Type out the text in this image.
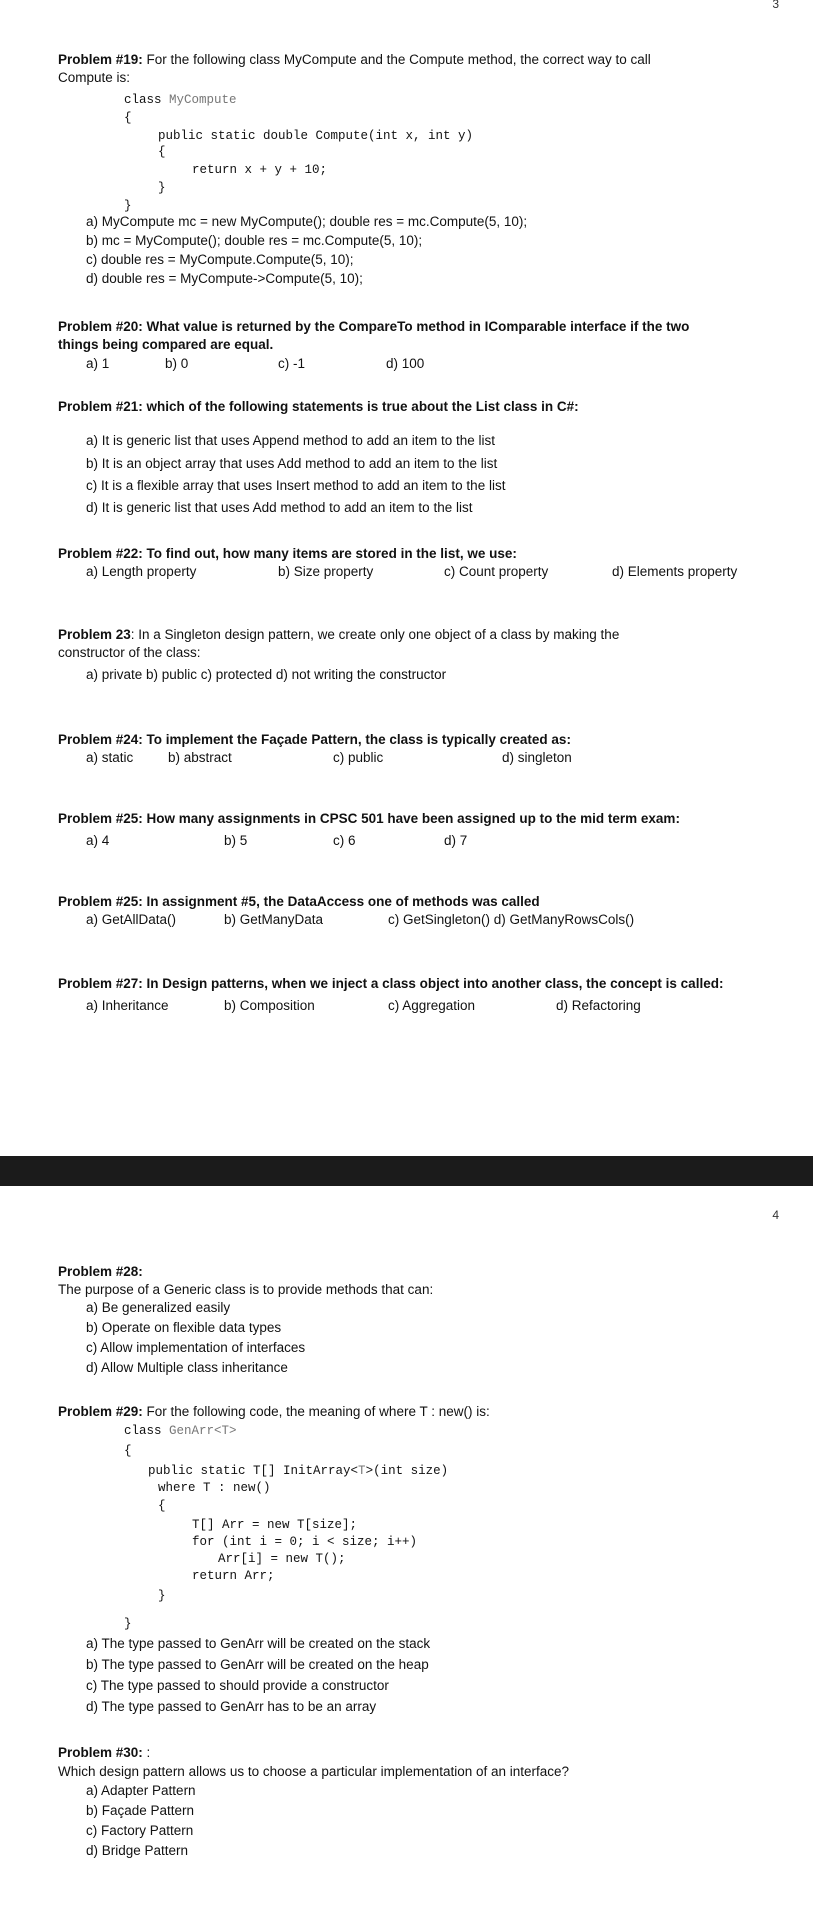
3
Problem #19: For the following class MyCompute and the Compute method, the correct way to call
Compute is:
class MyCompute
{
public static double Compute(int x, int y)
{
return x + y + 10;
}
}
a) MyCompute mc = new MyCompute(); double res = mc.Compute(5, 10);
b) mc = MyCompute(); double res = mc.Compute(5, 10);
c) double res = MyCompute.Compute(5, 10);
d) double res = MyCompute->Compute(5, 10);
Problem #20: What value is returned by the CompareTo method in IComparable interface if the two
things being compared are equal.
a) 1	b) 0	c) -1	d) 100
Problem #21: which of the following statements is true about the List class in C#:
a) It is generic list that uses Append method to add an item to the list
b) It is an object array that uses Add method to add an item to the list
c) It is a flexible array that uses Insert method to add an item to the list
d) It is generic list that uses Add method to add an item to the list
Problem #22: To find out, how many items are stored in the list, we use:
a) Length property	b) Size property	c) Count property	d) Elements property
Problem 23: In a Singleton design pattern, we create only one object of a class by making the
constructor of the class:
a) private b) public c) protected d) not writing the constructor
Problem #24: To implement the Façade Pattern, the class is typically created as:
a) static	b) abstract	c) public	d) singleton
Problem #25: How many assignments in CPSC 501 have been assigned up to the mid term exam:
a) 4	b) 5	c) 6	d) 7
Problem #25: In assignment #5, the DataAccess one of methods was called
a) GetAllData()	b) GetManyData	c) GetSingleton() d) GetManyRowsCols()
Problem #27: In Design patterns, when we inject a class object into another class, the concept is called:
a) Inheritance	b) Composition	c) Aggregation	d) Refactoring
4
Problem #28:
The purpose of a Generic class is to provide methods that can:
a) Be generalized easily
b) Operate on flexible data types
c) Allow implementation of interfaces
d) Allow Multiple class inheritance
Problem #29: For the following code, the meaning of where T : new() is:
class GenArr<T>
{
public static T[] InitArray<T>(int size)
where T : new()
{
T[] Arr = new T[size];
for (int i = 0; i < size; i++)
Arr[i] = new T();
return Arr;
}
}
a) The type passed to GenArr will be created on the stack
b) The type passed to GenArr will be created on the heap
c) The type passed to should provide a constructor
d) The type passed to GenArr has to be an array
Problem #30: :
Which design pattern allows us to choose a particular implementation of an interface?
a) Adapter Pattern
b) Façade Pattern
c) Factory Pattern
d) Bridge Pattern
